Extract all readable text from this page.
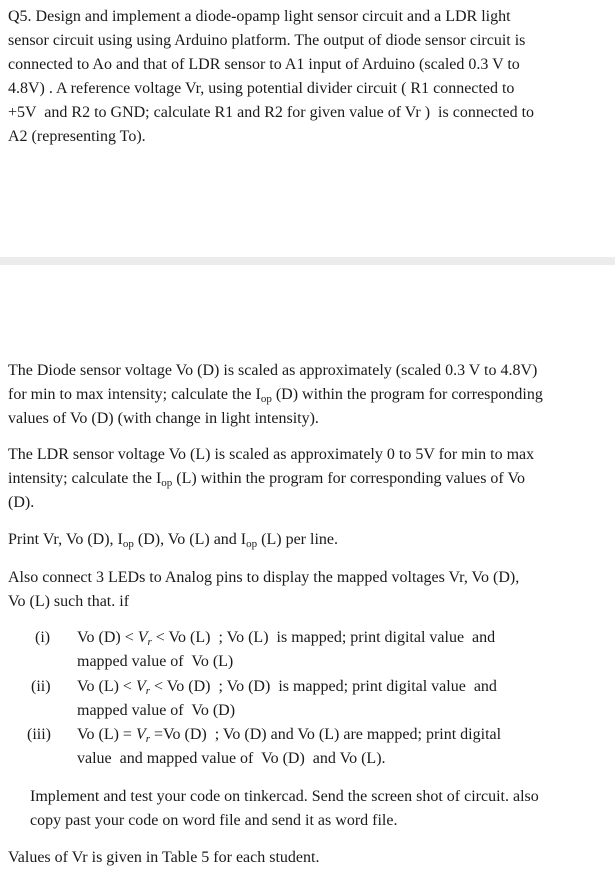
Q5. Design and implement a diode-opamp light sensor circuit and a LDR light

sensor circuit using using Arduino platform. The output of diode sensor circuit is

connected to Ao and that of LDR sensor to A1 input of Arduino (scaled 0.3 V to

4.8V) . A reference voltage Vr, using potential divider circuit ( R1 connected to

+5V  and R2 to GND; calculate R1 and R2 for given value of Vr )  is connected to

A2 (representing To).

The Diode sensor voltage Vo (D) is scaled as approximately (scaled 0.3 V to 4.8V)

for min to max intensity; calculate the $I_{op}$ (D) within the program for corresponding

values of Vo (D) (with change in light intensity).

The LDR sensor voltage Vo (L) is scaled as approximately 0 to 5V for min to max

intensity; calculate the $I_{op}$ (L) within the program for corresponding values of Vo

(D).

Print Vr, Vo (D), $I_{op}$ (D), Vo (L) and $I_{op}$ (L) per line.

Also connect 3 LEDs to Analog pins to display the mapped voltages Vr, Vo (D),

Vo (L) such that. if

(i) Vo $(D) < V_r < Vo$ (L)  ; Vo (L)  is mapped; print digital value  and
mapped value of  Vo (L)
(ii) Vo $(L) < V_r < Vo$ (D)  ; Vo (D)  is mapped; print digital value  and
mapped value of  Vo (D)
(iii) Vo $(L) = V_r =Vo$ (D)  ; Vo (D) and Vo (L) are mapped; print digital
value  and mapped value of  Vo (D)  and Vo (L).

Implement and test your code on tinkercad. Send the screen shot of circuit. also

copy past your code on word file and send it as word file.

Values of Vr is given in Table 5 for each student.
